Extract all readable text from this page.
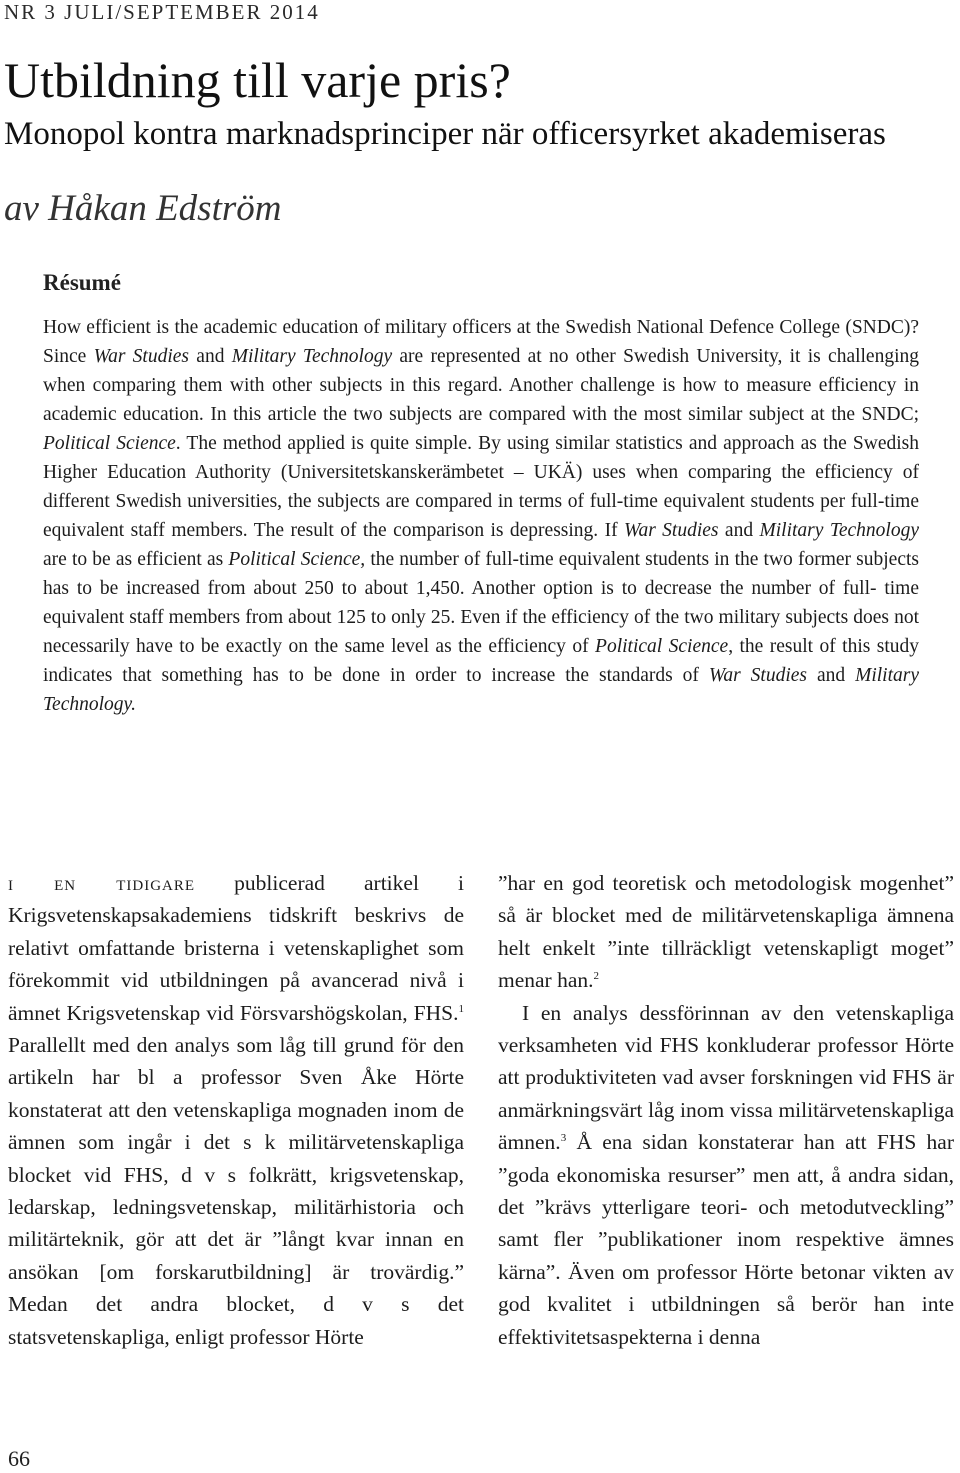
NR 3 JULI/SEPTEMBER 2014
Utbildning till varje pris?
Monopol kontra marknadsprinciper när officersyrket akademiseras
av Håkan Edström
Résumé
How efficient is the academic education of military officers at the Swedish National Defence College (SNDC)? Since War Studies and Military Technology are represented at no other Swedish University, it is challenging when comparing them with other subjects in this regard. Another challenge is how to measure efficiency in academic education. In this article the two subjects are compared with the most similar subject at the SNDC; Political Science. The method applied is quite simple. By using similar statistics and approach as the Swedish Higher Education Authority (Universitetskanskerämbetet – UKÄ) uses when comparing the efficiency of different Swedish universities, the subjects are compared in terms of full-time equivalent students per full-time equivalent staff members. The result of the comparison is depressing. If War Studies and Military Technology are to be as efficient as Political Science, the number of full-time equivalent students in the two former subjects has to be increased from about 250 to about 1,450. Another option is to decrease the number of full- time equivalent staff members from about 125 to only 25. Even if the efficiency of the two military subjects does not necessarily have to be exactly on the same level as the efficiency of Political Science, the result of this study indicates that something has to be done in order to increase the standards of War Studies and Military Technology.

i en tidigare publicerad artikel i Krigsvetenskapsakademiens tidskrift beskrivs de relativt omfattande bristerna i vetenskaplighet som förekommit vid utbildningen på avancerad nivå i ämnet Krigsvetenskap vid Försvarshögskolan, FHS.$^1$ Parallellt med den analys som låg till grund för den artikeln har bl a professor Sven Åke Hörte konstaterat att den vetenskapliga mognaden inom de ämnen som ingår i det s k militärvetenskapliga blocket vid FHS, d v s folkrätt, krigsvetenskap, ledarskap, ledningsvetenskap, militärhistoria och militärteknik, gör att det är ”långt kvar innan en ansökan [om forskarutbildning] är trovärdig.” Medan det andra blocket, d v s det statsvetenskapliga, enligt professor Hörte

”har en god teoretisk och metodologisk mogenhet” så är blocket med de militärvetenskapliga ämnena helt enkelt ”inte tillräckligt vetenskapligt moget” menar han.$^2$

I en analys dessförinnan av den vetenskapliga verksamheten vid FHS konkluderar professor Hörte att produktiviteten vad avser forskningen vid FHS är anmärkningsvärt låg inom vissa militärvetenskapliga ämnen.$^3$ Å ena sidan konstaterar han att FHS har ”goda ekonomiska resurser” men att, å andra sidan, det ”krävs ytterligare teori- och metodutveckling” samt fler ”publikationer inom respektive ämnes kärna”. Även om professor Hörte betonar vikten av god kvalitet i utbildningen så berör han inte effektivitetsaspekterna i denna

66
